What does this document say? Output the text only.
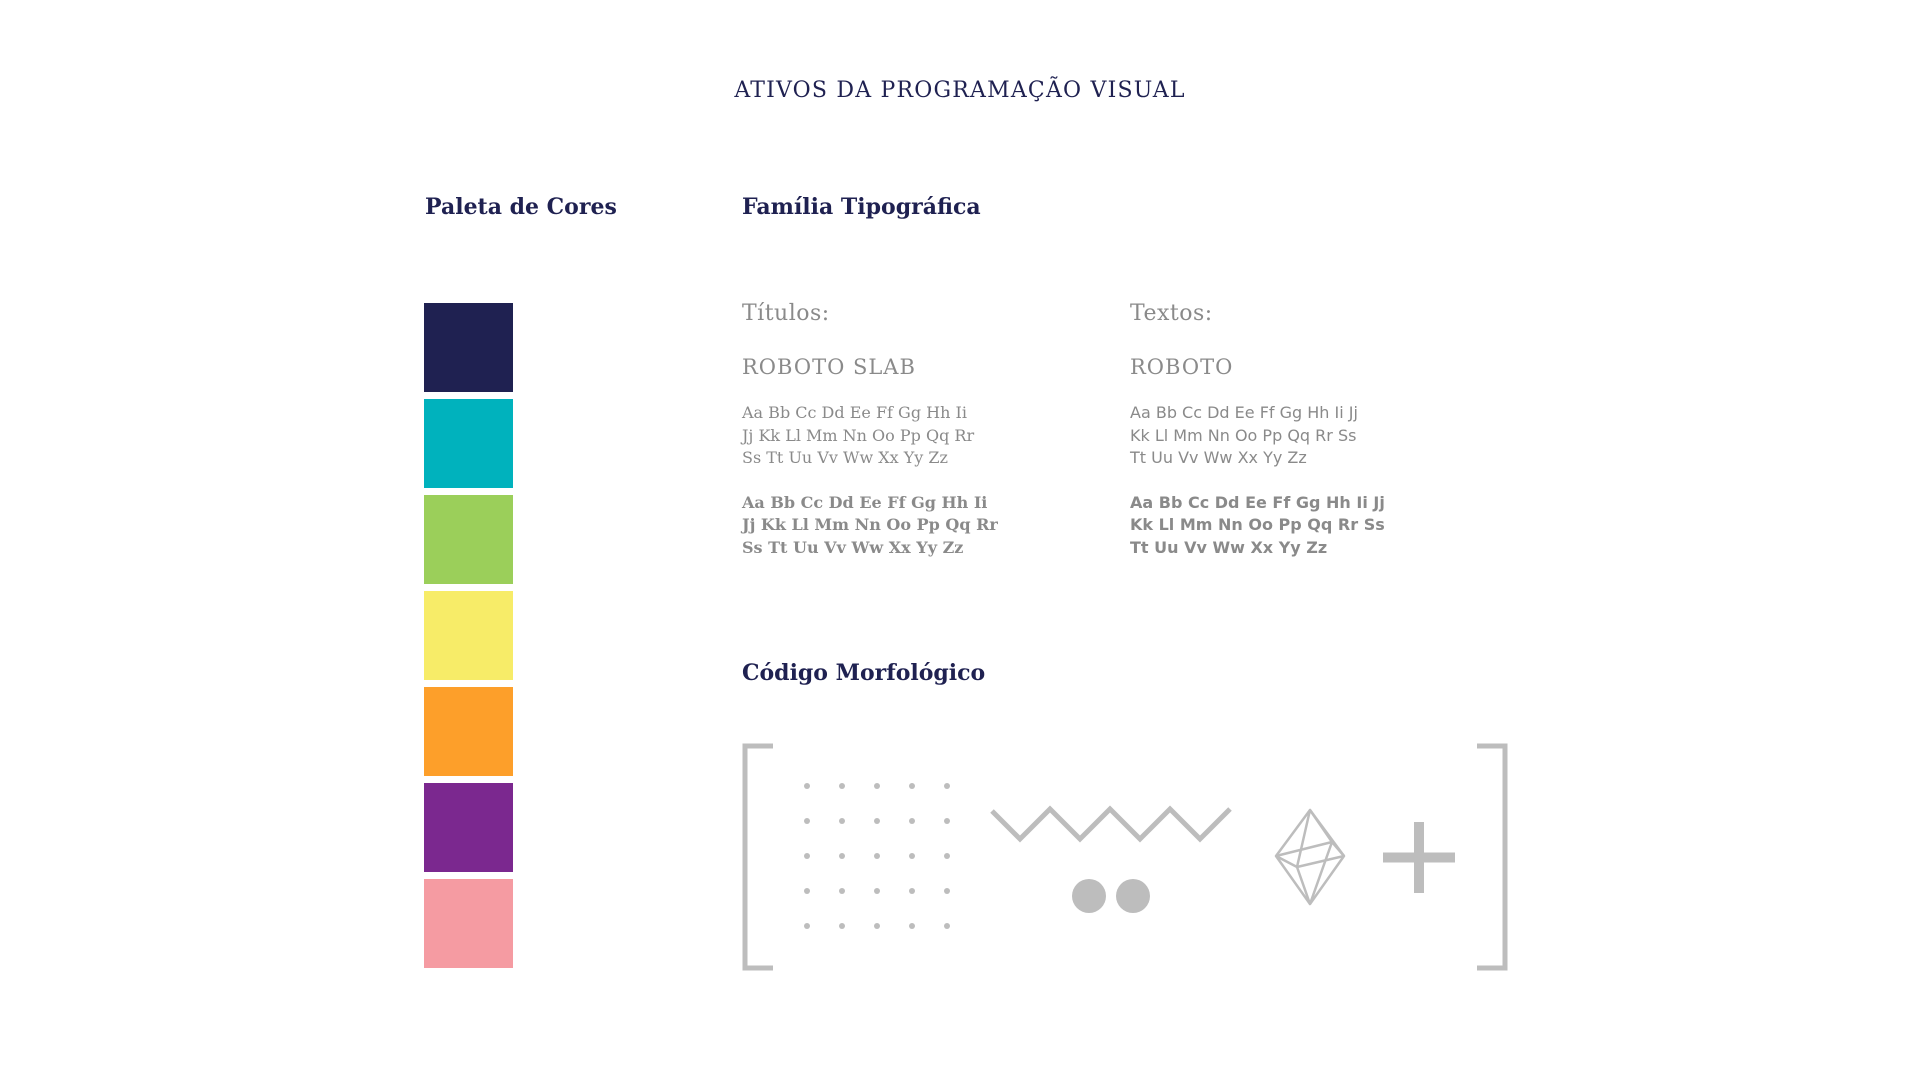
ATIVOS DA PROGRAMAÇÃO VISUAL
Paleta de Cores	Família Tipográfica
Código Morfológico
Títulos:
ROBOTO SLAB
Aa Bb Cc Dd Ee Ff Gg Hh Ii
Jj Kk Ll Mm Nn Oo Pp Qq Rr
Ss Tt Uu Vv Ww Xx Yy Zz
Aa Bb Cc Dd Ee Ff Gg Hh Ii
Jj Kk Ll Mm Nn Oo Pp Qq Rr
Ss Tt Uu Vv Ww Xx Yy Zz
Textos:
ROBOTO
Aa Bb Cc Dd Ee Ff Gg Hh Ii Jj
Kk Ll Mm Nn Oo Pp Qq Rr Ss
Tt Uu Vv Ww Xx Yy Zz
Aa Bb Cc Dd Ee Ff Gg Hh Ii Jj
Kk Ll Mm Nn Oo Pp Qq Rr Ss
Tt Uu Vv Ww Xx Yy Zz
